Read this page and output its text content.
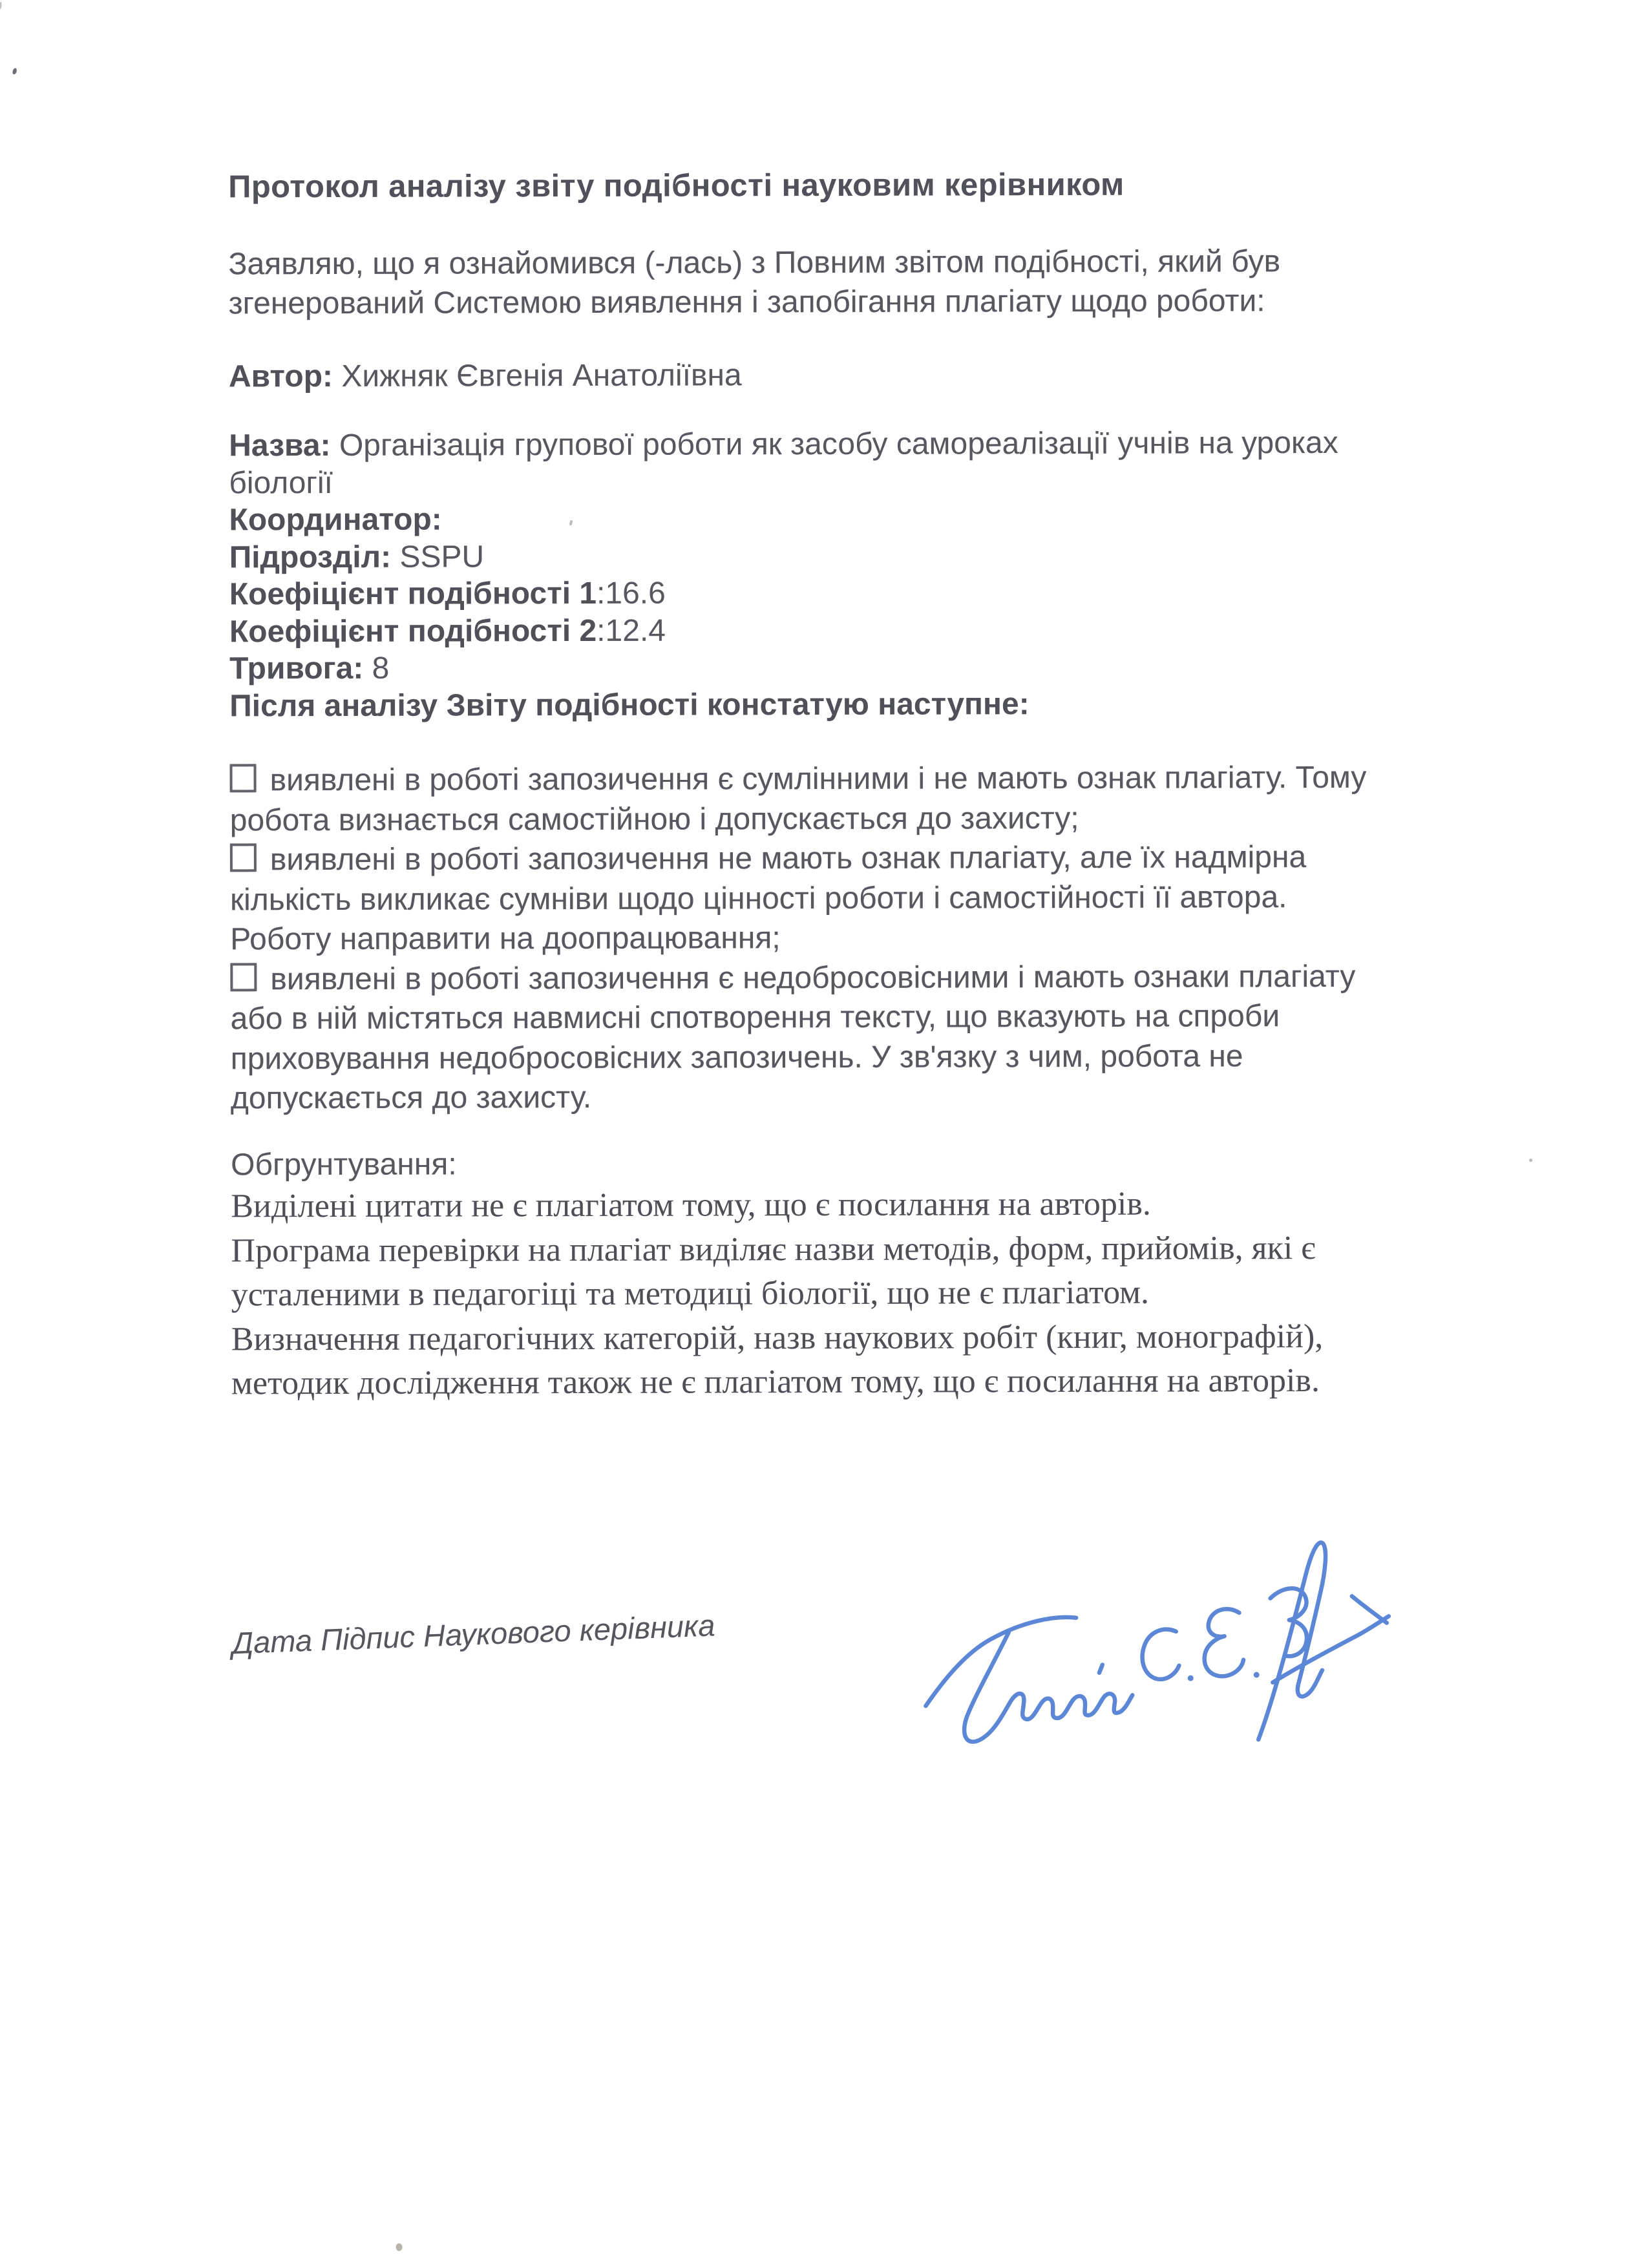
Протокол аналізу звіту подібності науковим керівником
Заявляю, що я ознайомився (-лась) з Повним звітом подібності, який був
згенерований Системою виявлення і запобігання плагіату щодо роботи:
Автор: Хижняк Євгенія Анатоліївна
Назва: Організація групової роботи як засобу самореалізації учнів на уроках
біології
Координатор:
Підрозділ: SSPU
Коефіцієнт подібності 1:16.6
Коефіцієнт подібності 2:12.4
Тривога: 8
Після аналізу Звіту подібності констатую наступне:
виявлені в роботі запозичення є сумлінними і не мають ознак плагіату. Тому
робота визнається самостійною і допускається до захисту;
виявлені в роботі запозичення не мають ознак плагіату, але їх надмірна
кількість викликає сумніви щодо цінності роботи і самостійності її автора.
Роботу направити на доопрацювання;
виявлені в роботі запозичення є недобросовісними і мають ознаки плагіату
або в ній містяться навмисні спотворення тексту, що вказують на спроби
приховування недобросовісних запозичень. У зв'язку з чим, робота не
допускається до захисту.
Обгрунтування:
Виділені цитати не є плагіатом тому, що є посилання на авторів.
Програма перевірки на плагіат виділяє назви методів, форм, прийомів, які є
усталеними в педагогіці та методиці біології, що не є плагіатом.
Визначення педагогічних категорій, назв наукових робіт (книг, монографій),
методик дослідження також не є плагіатом тому, що є посилання на авторів.
Дата Підпис Наукового керівника
